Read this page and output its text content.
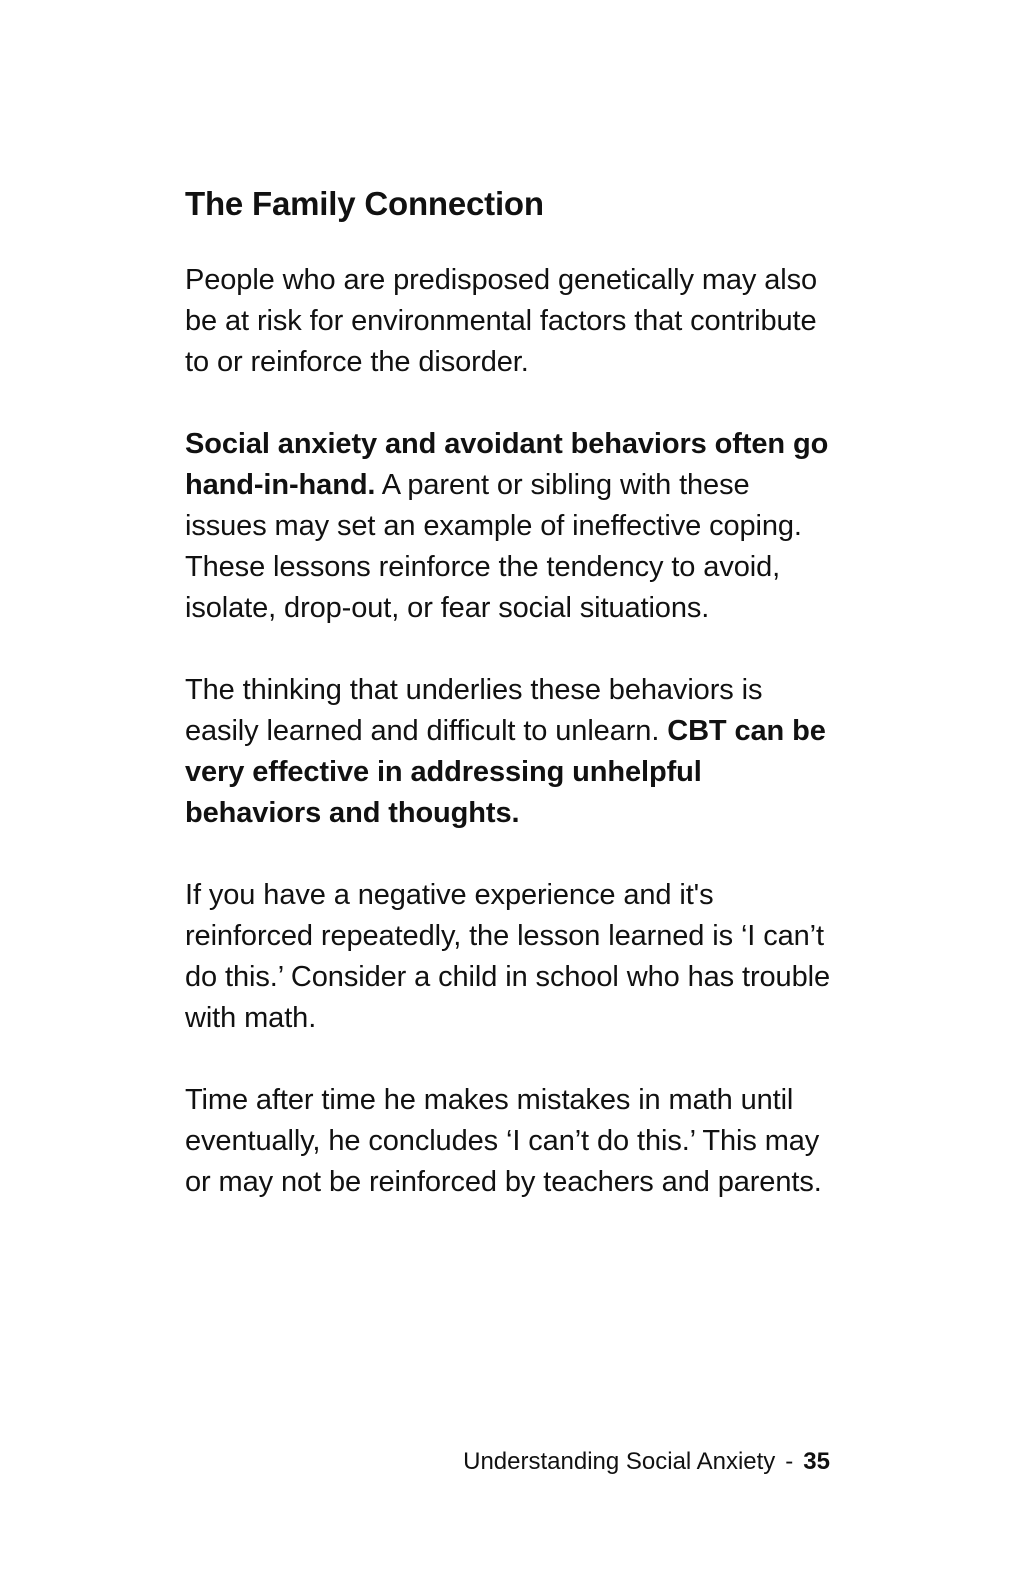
The Family Connection

People who are predisposed genetically may also be at risk for environmental factors that contribute to or reinforce the disorder.

Social anxiety and avoidant behaviors often go hand-in-hand. A parent or sibling with these issues may set an example of ineffective coping. These lessons reinforce the tendency to avoid, isolate, drop-out, or fear social situations.

The thinking that underlies these behaviors is easily learned and difficult to unlearn. CBT can be very effective in addressing unhelpful behaviors and thoughts.

If you have a negative experience and it's reinforced repeatedly, the lesson learned is ‘I can’t do this.’ Consider a child in school who has trouble with math.

Time after time he makes mistakes in math until eventually, he concludes ‘I can’t do this.’ This may or may not be reinforced by teachers and parents.

Understanding Social Anxiety - 35
